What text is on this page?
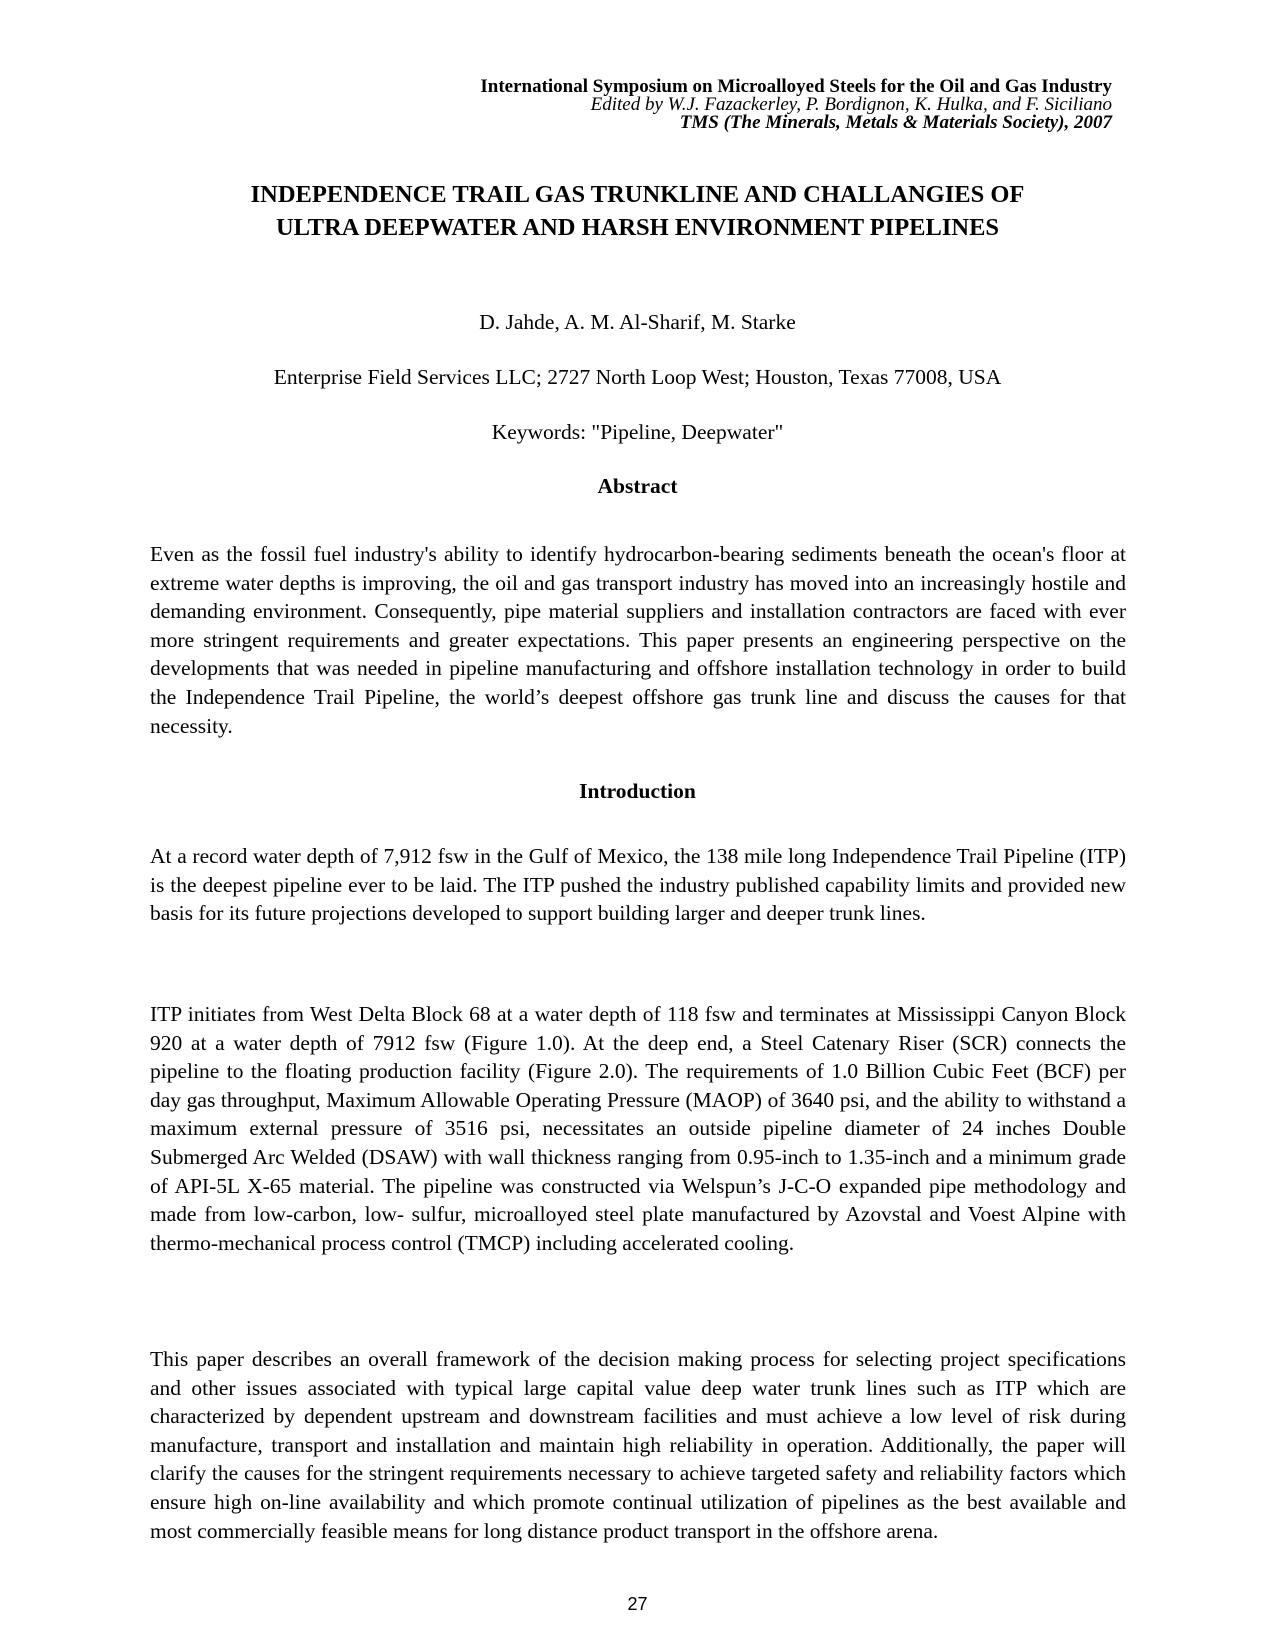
International Symposium on Microalloyed Steels for the Oil and Gas Industry
Edited by W.J. Fazackerley, P. Bordignon, K. Hulka, and F. Siciliano
TMS (The Minerals, Metals & Materials Society), 2007
INDEPENDENCE TRAIL GAS TRUNKLINE AND CHALLANGIES OF
ULTRA DEEPWATER AND HARSH ENVIRONMENT PIPELINES
D. Jahde, A. M. Al-Sharif, M. Starke
Enterprise Field Services LLC; 2727 North Loop West; Houston, Texas 77008, USA
Keywords: "Pipeline, Deepwater"
Abstract

Even as the fossil fuel industry's ability to identify hydrocarbon-bearing sediments beneath the ocean's floor at extreme water depths is improving, the oil and gas transport industry has moved into an increasingly hostile and demanding environment. Consequently, pipe material suppliers and installation contractors are faced with ever more stringent requirements and greater expectations. This paper presents an engineering perspective on the developments that was needed in pipeline manufacturing and offshore installation technology in order to build the Independence Trail Pipeline, the world’s deepest offshore gas trunk line and discuss the causes for that necessity.

Introduction

At a record water depth of 7,912 fsw in the Gulf of Mexico, the 138 mile long Independence Trail Pipeline (ITP) is the deepest pipeline ever to be laid. The ITP pushed the industry published capability limits and provided new basis for its future projections developed to support building larger and deeper trunk lines.

ITP initiates from West Delta Block 68 at a water depth of 118 fsw and terminates at Mississippi Canyon Block 920 at a water depth of 7912 fsw (Figure 1.0). At the deep end, a Steel Catenary Riser (SCR) connects the pipeline to the floating production facility (Figure 2.0). The requirements of 1.0 Billion Cubic Feet (BCF) per day gas throughput, Maximum Allowable Operating Pressure (MAOP) of 3640 psi, and the ability to withstand a maximum external pressure of 3516 psi, necessitates an outside pipeline diameter of 24 inches Double Submerged Arc Welded (DSAW) with wall thickness ranging from 0.95-inch to 1.35-inch and a minimum grade of API-5L X-65 material. The pipeline was constructed via Welspun’s J-C-O expanded pipe methodology and made from low-carbon, low- sulfur, microalloyed steel plate manufactured by Azovstal and Voest Alpine with thermo-mechanical process control (TMCP) including accelerated cooling.

This paper describes an overall framework of the decision making process for selecting project specifications and other issues associated with typical large capital value deep water trunk lines such as ITP which are characterized by dependent upstream and downstream facilities and must achieve a low level of risk during manufacture, transport and installation and maintain high reliability in operation. Additionally, the paper will clarify the causes for the stringent requirements necessary to achieve targeted safety and reliability factors which ensure high on-line availability and which promote continual utilization of pipelines as the best available and most commercially feasible means for long distance product transport in the offshore arena.

27
